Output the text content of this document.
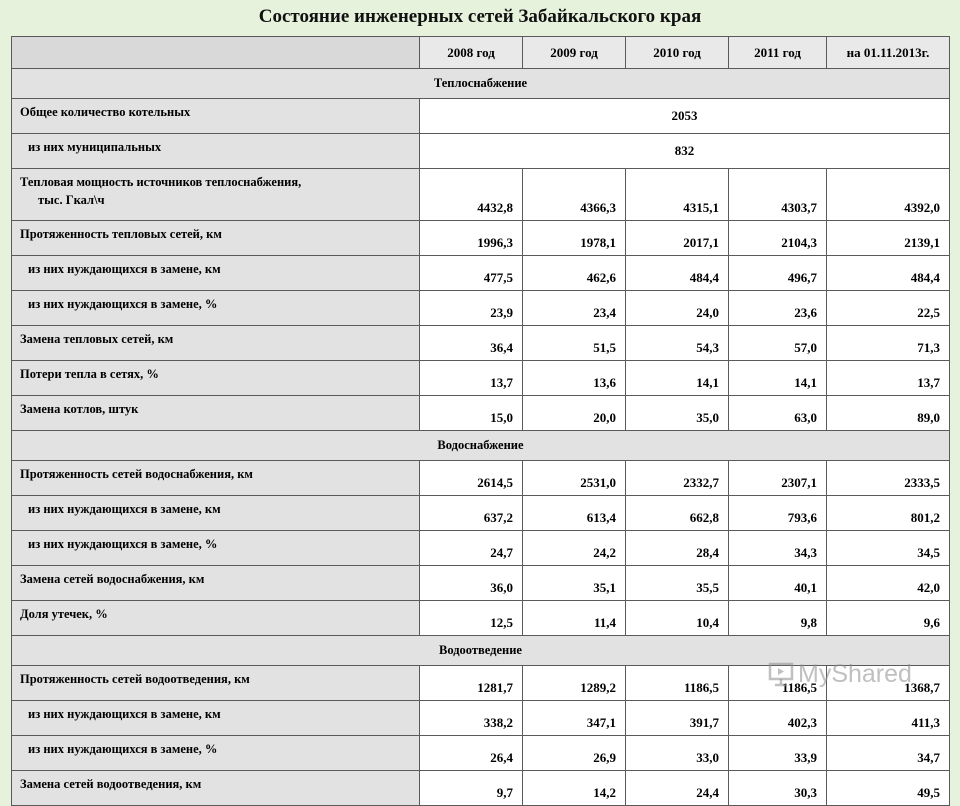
Состояние инженерных сетей Забайкальского края
	2008 год	2009 год	2010 год	2011 год	на 01.11.2013г.
Теплоснабжение					
Общее количество котельных	2053				
из них муниципальных	832				
Тепловая мощность источников теплоснабжения,
тыс. Гкал\ч	4432,8	4366,3	4315,1	4303,7	4392,0
Протяженность тепловых сетей, км	1996,3	1978,1	2017,1	2104,3	2139,1
из них нуждающихся в замене, км	477,5	462,6	484,4	496,7	484,4
из них нуждающихся в замене, %	23,9	23,4	24,0	23,6	22,5
Замена тепловых сетей, км	36,4	51,5	54,3	57,0	71,3
Потери тепла в сетях, %	13,7	13,6	14,1	14,1	13,7
Замена котлов, штук	15,0	20,0	35,0	63,0	89,0
Водоснабжение					
Протяженность сетей водоснабжения, км	2614,5	2531,0	2332,7	2307,1	2333,5
из них нуждающихся в замене, км	637,2	613,4	662,8	793,6	801,2
из них нуждающихся в замене, %	24,7	24,2	28,4	34,3	34,5
Замена сетей водоснабжения, км	36,0	35,1	35,5	40,1	42,0
Доля утечек, %	12,5	11,4	10,4	9,8	9,6
Водоотведение					
Протяженность сетей водоотведения, км	1281,7	1289,2	1186,5	1186,5	1368,7
из них нуждающихся в замене, км	338,2	347,1	391,7	402,3	411,3
из них нуждающихся в замене, %	26,4	26,9	33,0	33,9	34,7
Замена сетей водоотведения, км	9,7	14,2	24,4	30,3	49,5
MyShared
